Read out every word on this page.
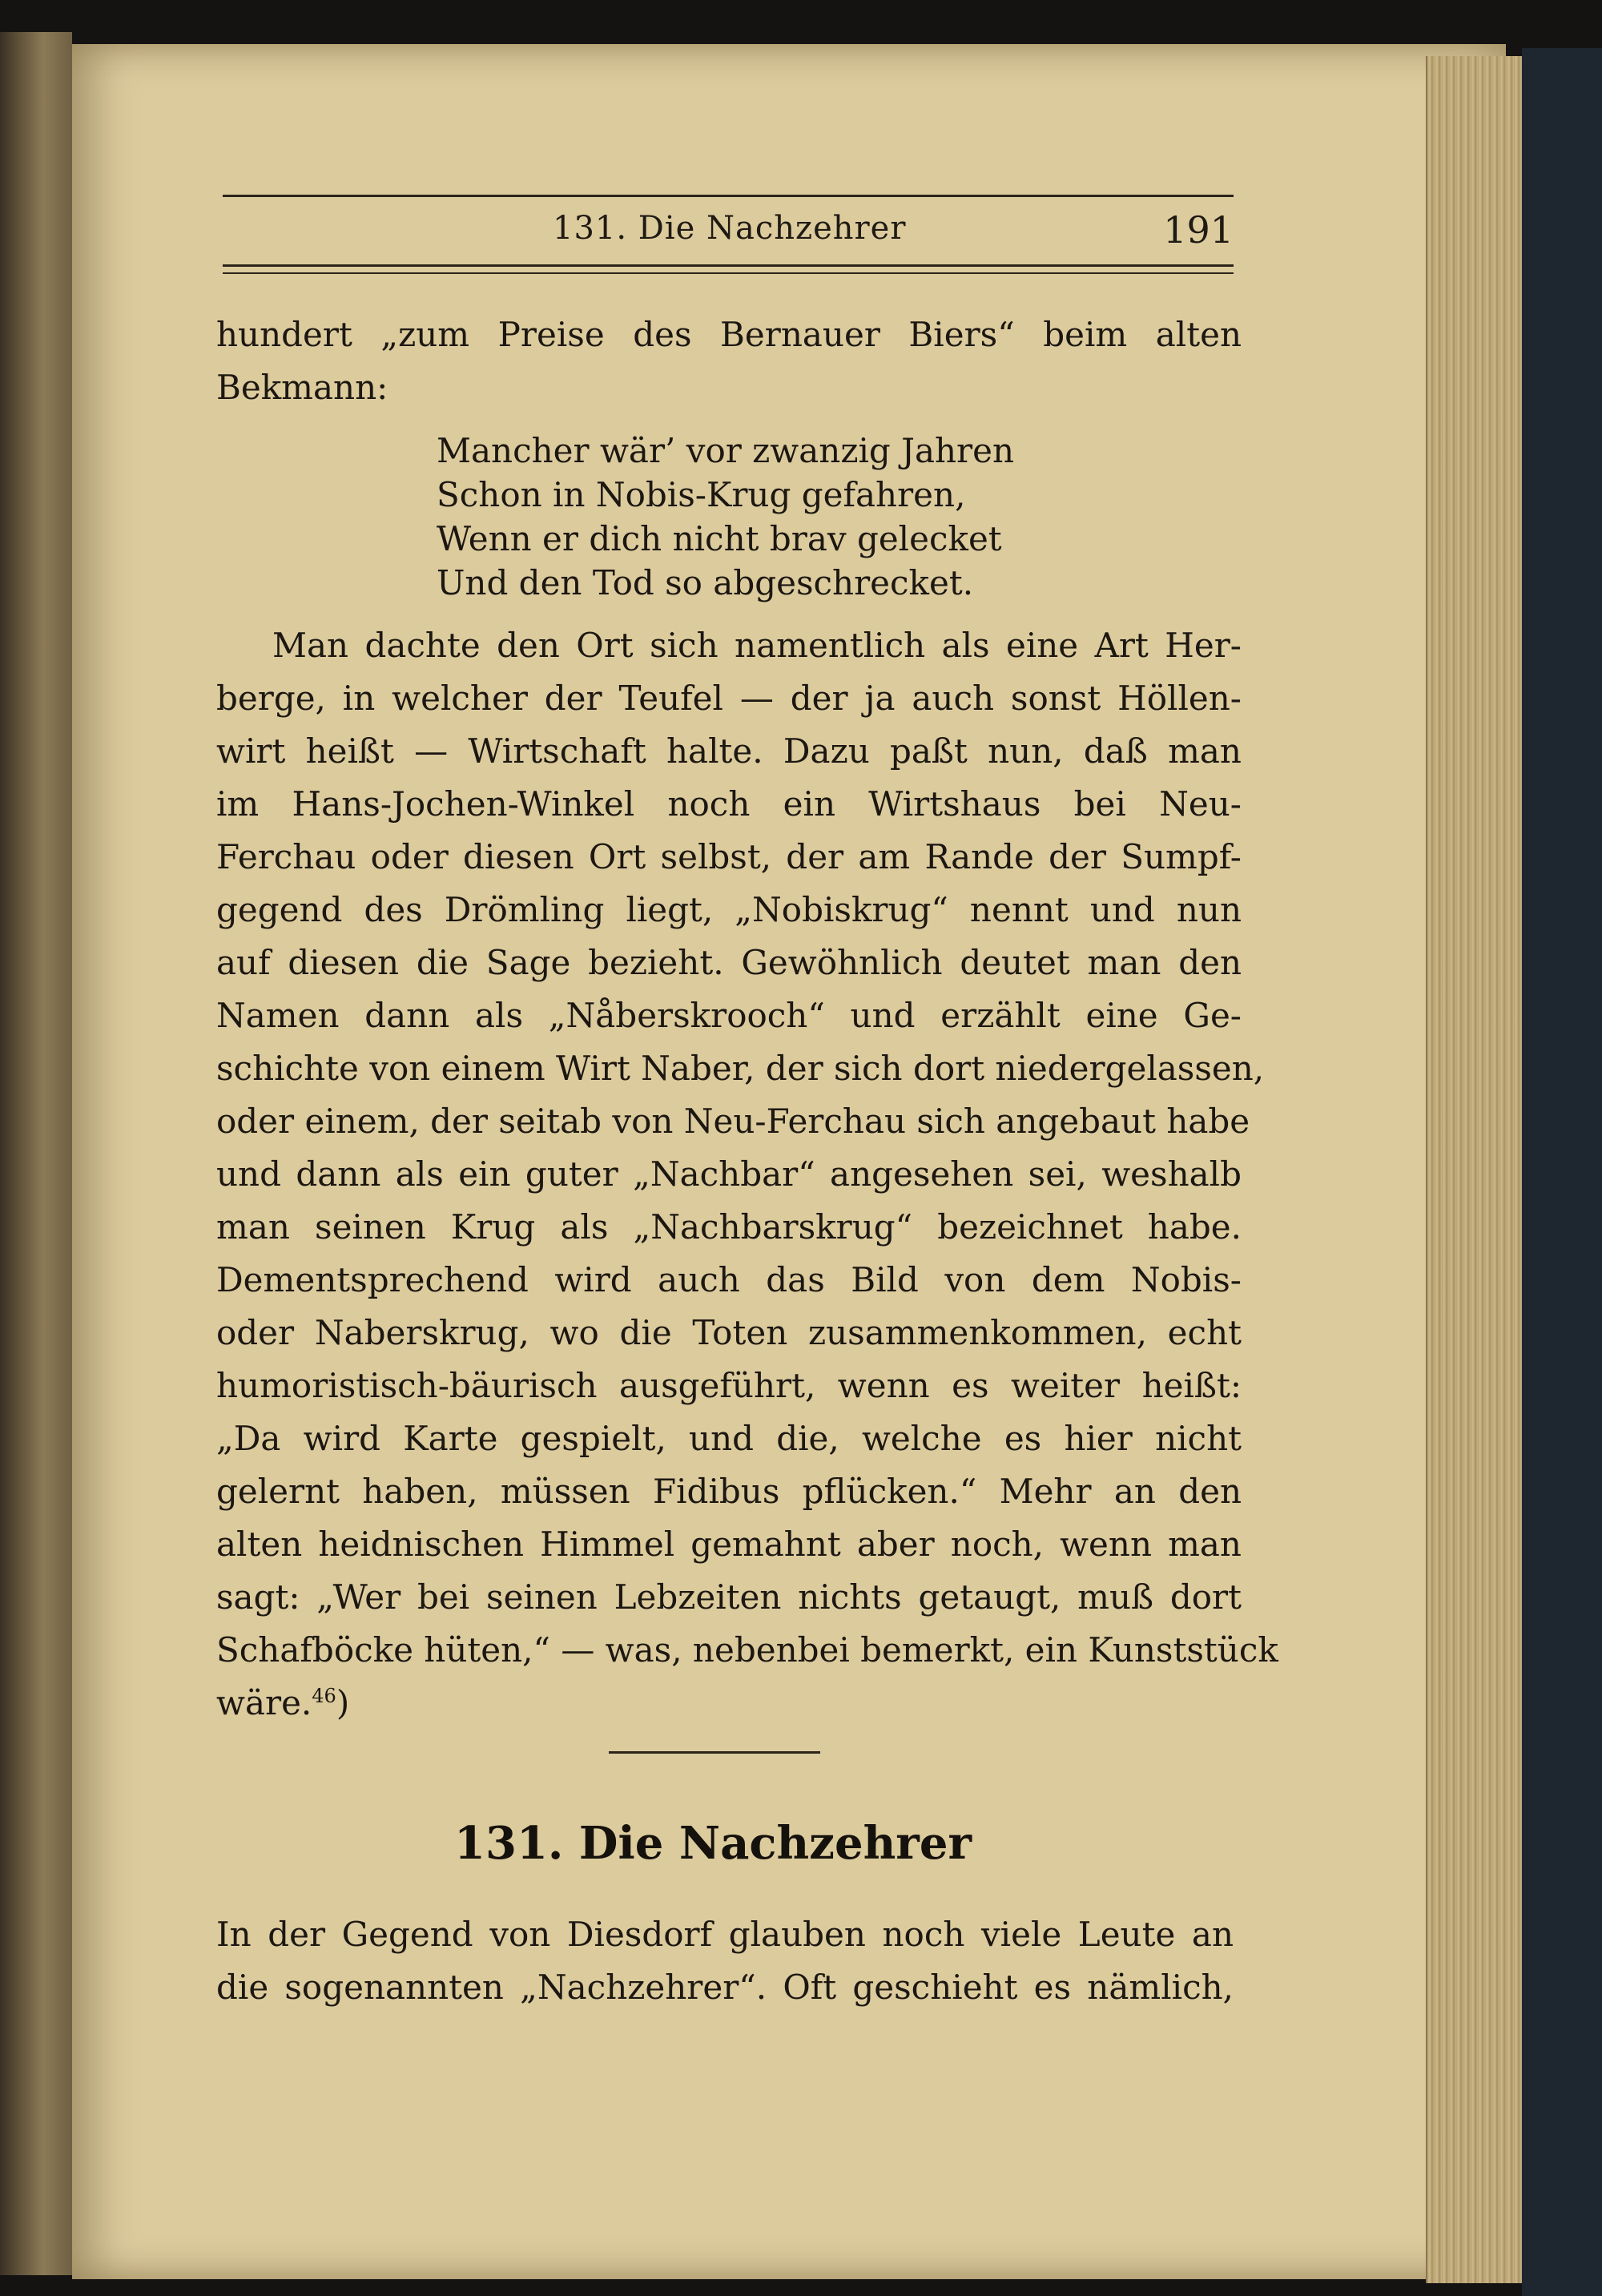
131. Die Nachzehrer	191
hundert „zum Preise des Bernauer Biers“ beim alten
Bekmann:
Mancher wär’ vor zwanzig Jahren
Schon in Nobis-Krug gefahren,
Wenn er dich nicht brav gelecket
Und den Tod so abgeschrecket.
Man dachte den Ort sich namentlich als eine Art Her-
berge, in welcher der Teufel — der ja auch sonst Höllen-
wirt heißt — Wirtschaft halte. Dazu paßt nun, daß man
im Hans-Jochen-Winkel noch ein Wirtshaus bei Neu-
Ferchau oder diesen Ort selbst, der am Rande der Sumpf-
gegend des Drömling liegt, „Nobiskrug“ nennt und nun
auf diesen die Sage bezieht. Gewöhnlich deutet man den
Namen dann als „Nåberskrooch“ und erzählt eine Ge-
schichte von einem Wirt Naber, der sich dort niedergelassen,
oder einem, der seitab von Neu-Ferchau sich angebaut habe
und dann als ein guter „Nachbar“ angesehen sei, weshalb
man seinen Krug als „Nachbarskrug“ bezeichnet habe.
Dementsprechend wird auch das Bild von dem Nobis-
oder Naberskrug, wo die Toten zusammenkommen, echt
humoristisch-bäurisch ausgeführt, wenn es weiter heißt:
„Da wird Karte gespielt, und die, welche es hier nicht
gelernt haben, müssen Fidibus pflücken.“ Mehr an den
alten heidnischen Himmel gemahnt aber noch, wenn man
sagt: „Wer bei seinen Lebzeiten nichts getaugt, muß dort
Schafböcke hüten,“ — was, nebenbei bemerkt, ein Kunststück
wäre.$^{46}$)
131. Die Nachzehrer
In der Gegend von Diesdorf glauben noch viele Leute an
die sogenannten „Nachzehrer“. Oft geschieht es nämlich,
